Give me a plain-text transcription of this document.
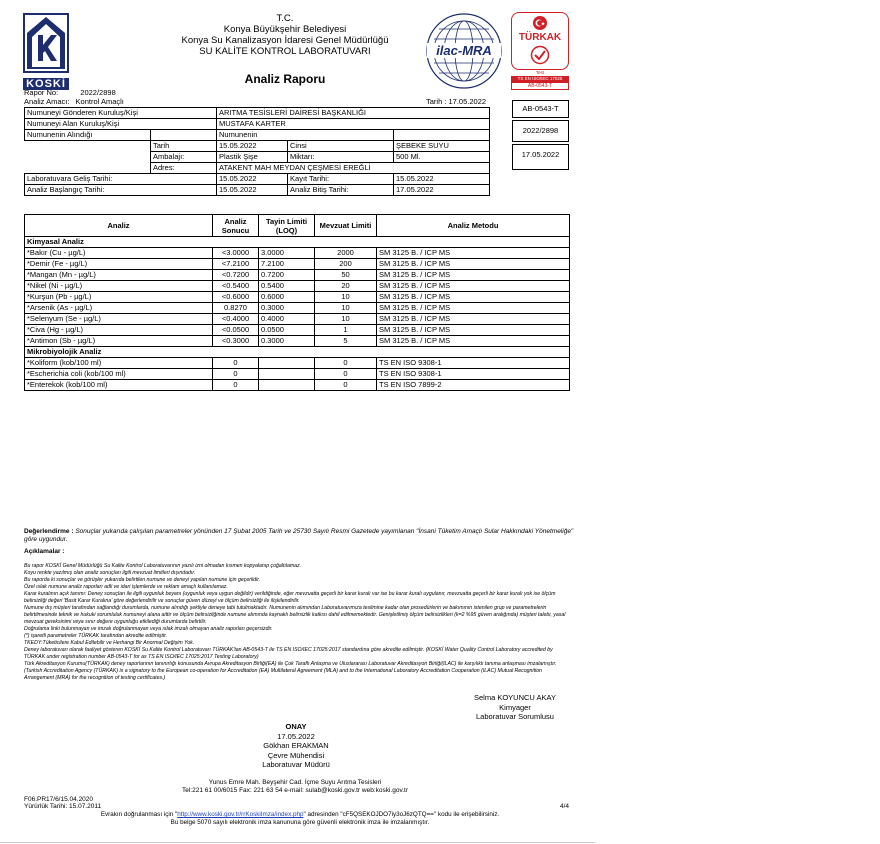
KOSKİ
T.C.
Konya Büyükşehir Belediyesi
Konya Su Kanalizasyon İdaresi Genel Müdürlüğü
SU KALİTE KONTROL LABORATUVARI
Analiz Raporu
ilac-MRA
TÜRKAK
Test
TS EN ISO/IEC 17025
AB-0543-T
Rapor No:	2022/2898
Analiz Amacı: Kontrol Amaçlı	Tarih : 17.05.2022
AB-0543-T
2022/2898
17.05.2022
Numuneyi Gönderen Kuruluş/Kişi		ARITMA TESİSLERİ DAİRESİ BAŞKANLIĞI		
Numuneyi Alan Kuruluş/Kişi		MUSTAFA KARTER		
Numunenin Alındığı		Numunenin		
	Tarih	15.05.2022	Cinsi	ŞEBEKE SUYU
	Ambalajı:	Plastik Şişe	Miktarı:	500 Ml.
	Adres:	ATAKENT MAH MEYDAN ÇEŞMESİ EREĞLİ		
Laboratuvara Geliş Tarihi:		15.05.2022	Kayıt Tarihi:	15.05.2022
Analiz Başlangıç Tarihi:		15.05.2022	Analiz Bitiş Tarihi:	17.05.2022
Analiz	Analiz Sonucu	Tayin Limiti (LOQ)	Mevzuat Limiti	Analiz Metodu
Kimyasal Analiz				
*Bakır (Cu - µg/L)	<3.0000	3.0000	2000	SM 3125 B. / ICP MS
*Demir (Fe - µg/L)	<7.2100	7.2100	200	SM 3125 B. / ICP MS
*Mangan (Mn - µg/L)	<0.7200	0.7200	50	SM 3125 B. / ICP MS
*Nikel (Ni - µg/L)	<0.5400	0.5400	20	SM 3125 B. / ICP MS
*Kurşun (Pb - µg/L)	<0.6000	0.6000	10	SM 3125 B. / ICP MS
*Arsenik (As - µg/L)	0.8270	0.3000	10	SM 3125 B. / ICP MS
*Selenyum (Se - µg/L)	<0.4000	0.4000	10	SM 3125 B. / ICP MS
*Civa (Hg - µg/L)	<0.0500	0.0500	1	SM 3125 B. / ICP MS
*Antimon (Sb - µg/L)	<0.3000	0.3000	5	SM 3125 B. / ICP MS
Mikrobiyolojik Analiz				
*Koliform (kob/100 ml)	0		0	TS EN ISO 9308-1
*Escherichia coli (kob/100 ml)	0		0	TS EN ISO 9308-1
*Enterekok (kob/100 ml)	0		0	TS EN ISO 7899-2
Değerlendirme : Sonuçlar yukarıda çalışılan parametreler yönünden 17 Şubat 2005 Tarih ve 25730 Sayılı Resmi Gazetede yayımlanan "İnsani Tüketim Amaçlı Sular Hakkındaki Yönetmeliğe" göre uygundur.
Açıklamalar :
Bu rapor KOSKİ Genel Müdürlüğü Su Kalite Kontrol Laboratuvarının yazılı izni olmadan kısmen kopyalanıp çoğaltılamaz.
Koyu renkte yazılmış olan analiz sonuçları ilgili mevzuat limitleri dışındadır.
Bu raporda ki sonuçlar ve görüşler yukarıda belirtilen numune ve deneyi yapılan numune için geçerlidir.
Özel ıslak numune analiz raporları adli ve idari işlemlerde ve reklam amaçlı kullanılamaz.
Karar kuralının açık tanımı: Deney sonuçları ile ilgili uygunluk beyanı (uygunluk veya uygun değildir) verildiğinde, eğer mevzuatta geçerli bir karar kuralı var ise bu karar kuralı uygulanır, mevzuatta geçerli bir karar kuralı yok ise ölçüm belirsizliği değeri 'Basit Karar Kuralına' göre değerlendirilir ve sonuçlar güven düzeyi ve ölçüm belirsizliği ile ilişkilendirilir.
Numune dış müşteri tarafından sağlandığı durumlarda, numune alındığı şekliyle deneye tabi tutulmaktadır. Numunenin alımından Laboratuvarımıza teslimine kadar olan prosedürlerin ve bakımının istenilen grup ve parametrelerin belirtilmesinde teknik ve hukuki sorumluluk numuneyi alana aittir ve ölçüm belirsizliğinde numune alımında kaynaklı belirsizlik katkısı dahil edilmemektedir. Genişletilmiş ölçüm belirsizlikleri (k=2 %95 güven aralığında) müşteri talebi, yasal mevzuat gereksinimi veya sınır değere uygunluğu etkilediği durumlarda belirtilir.
Doğrulama linki bulunmayan ve imzalı doğrulanmayan veya ıslak imzalı olmayan analiz raporları geçersizdir.
(*) işaretli parametreler TÜRKAK tarafından akredite edilmiştir.
TKEDY:Tüketicilere Kabul Edilebilir ve Herhangi Bir Anormal Değişim Yok.
Deney laboratuvarı olarak faaliyet gösteren KOSKİ Su Kalite Kontrol Laboratuvarı TÜRKAK'tan AB-0543-T ile TS EN ISO/IEC 17025:2017 standardına göre akredite edilmiştir. (KOSKİ Water Quality Control Laboratory accredited by TÜRKAK under registration number AB-0543-T for as TS EN ISO/IEC 17025:2017 Testing Laboratory)
Türk Akreditasyon Kurumu(TÜRKAK) deney raporlarının tanınırlığı konusunda Avrupa Akreditasyon Birliği(EA) ile Çok Taraflı Anlaşma ve Uluslararası Laboratuvar Akreditasyon Birliği(ILAC) ile karşılıklı tanıma anlaşması imzalamıştır. (Turkish Accreditation Agency (TÜRKAK) is a signatory to the European co-operation for Accreditation (EA) Multilateral Agreement (MLA) and to the International Laboratory Accreditation Cooperation (ILAC) Mutual Recognition Arrangement (MRA) for the recognition of testing certificates.)
Selma KOYUNCU AKAY
Kimyager
Laboratuvar Sorumlusu
ONAY
17.05.2022
Gökhan ERAKMAN
Çevre Mühendisi
Laboratuvar Müdürü
Yunus Emre Mah. Beyşehir Cad. İçme Suyu Arıtma Tesisleri
Tel:221 61 00/6015 Fax: 221 63 54 e-mail: sulab@koski.gov.tr web:koski.gov.tr
F06.PR17/6/15.04.2020
Yürürlük Tarihi: 15.07.2011	4/4
Evrakın doğrulanması için "http://www.koski.gov.tr/rrKoskiImza/index.php" adresinden "cF5QSEKOJDO7iy3oJ6zQTQ==" kodu ile erişebilirsiniz.
Bu belge 5070 sayılı elektronik imza kanununa göre güvenli elektronik imza ile imzalanmıştır.
